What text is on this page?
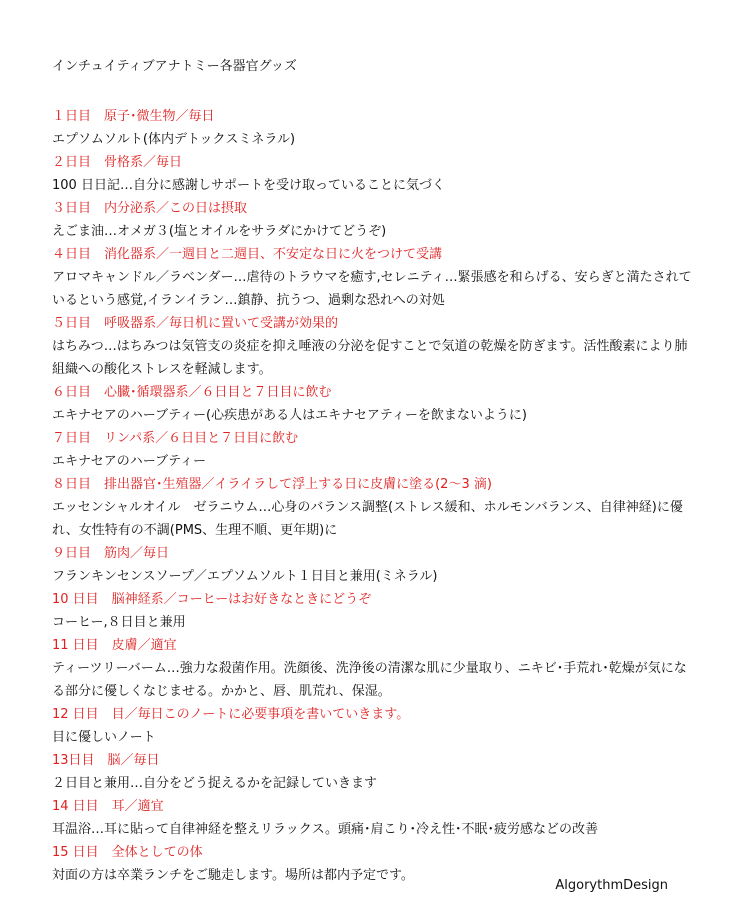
インチュイティブアナトミー各器官グッズ
１日目　原子･微生物／毎日
エプソムソルト(体内デトックスミネラル)
２日目　骨格系／毎日
100 日日記…自分に感謝しサポートを受け取っていることに気づく
３日目　内分泌系／この日は摂取
えごま油…オメガ３(塩とオイルをサラダにかけてどうぞ)
４日目　消化器系／一週目と二週目、不安定な日に火をつけて受講
アロマキャンドル／ラベンダー…虐待のトラウマを癒す,セレニティ…緊張感を和らげる、安らぎと満たされているという感覚,イランイラン…鎮静、抗うつ、過剰な恐れへの対処
５日目　呼吸器系／毎日机に置いて受講が効果的
はちみつ…はちみつは気管支の炎症を抑え唾液の分泌を促すことで気道の乾燥を防ぎます。活性酸素により肺組織への酸化ストレスを軽減します。
６日目　心臓･循環器系／６日目と７日目に飲む
エキナセアのハーブティー(心疾患がある人はエキナセアティーを飲まないように)
７日目　リンパ系／６日目と７日目に飲む
エキナセアのハーブティー
８日目　排出器官･生殖器／イライラして浮上する日に皮膚に塗る(2～3 滴)
エッセンシャルオイル　ゼラニウム…心身のバランス調整(ストレス緩和、ホルモンバランス、自律神経)に優れ、女性特有の不調(PMS、生理不順、更年期)に
９日目　筋肉／毎日
フランキンセンスソープ／エプソムソルト１日目と兼用(ミネラル)
10 日目　脳神経系／コーヒーはお好きなときにどうぞ
コーヒー,８日目と兼用
11 日目　皮膚／適宜
ティーツリーバーム…強力な殺菌作用。洗顔後、洗浄後の清潔な肌に少量取り、ニキビ･手荒れ･乾燥が気になる部分に優しくなじませる。かかと、唇、肌荒れ、保湿。
12 日目　目／毎日このノートに必要事項を書いていきます。
目に優しいノート
13日目　脳／毎日
２日目と兼用…自分をどう捉えるかを記録していきます
14 日目　耳／適宜
耳温浴…耳に貼って自律神経を整えリラックス。頭痛･肩こり･冷え性･不眠･疲労感などの改善
15 日目　全体としての体
対面の方は卒業ランチをご馳走します。場所は都内予定です。
AlgorythmDesign
